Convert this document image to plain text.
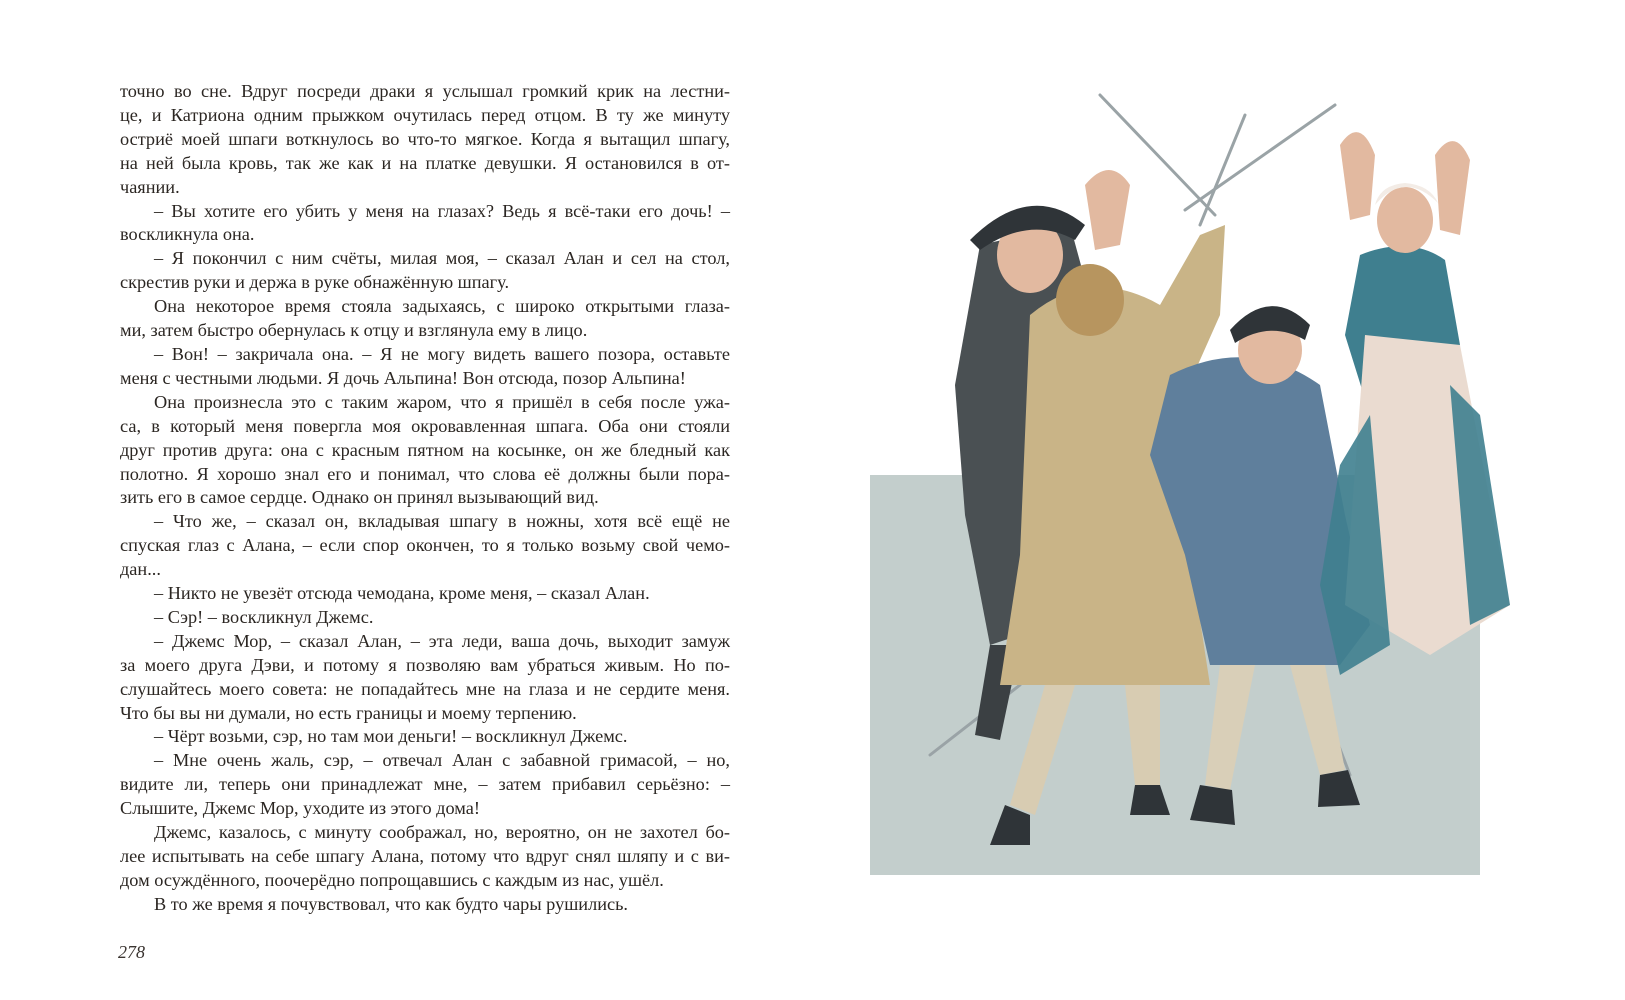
точно во сне. Вдруг посреди драки я услышал громкий крик на лестни-
це, и Катриона одним прыжком очутилась перед отцом. В ту же минуту
остриё моей шпаги воткнулось во что-то мягкое. Когда я вытащил шпагу,
на ней была кровь, так же как и на платке девушки. Я остановился в от-
чаянии.
– Вы хотите его убить у меня на глазах? Ведь я всё-таки его дочь! –
воскликнула она.
– Я покончил с ним счёты, милая моя, – сказал Алан и сел на стол,
скрестив руки и держа в руке обнажённую шпагу.
Она некоторое время стояла задыхаясь, с широко открытыми глаза-
ми, затем быстро обернулась к отцу и взглянула ему в лицо.
– Вон! – закричала она. – Я не могу видеть вашего позора, оставьте
меня с честными людьми. Я дочь Альпина! Вон отсюда, позор Альпина!
Она произнесла это с таким жаром, что я пришёл в себя после ужа-
са, в который меня повергла моя окровавленная шпага. Оба они стояли
друг против друга: она с красным пятном на косынке, он же бледный как
полотно. Я хорошо знал его и понимал, что слова её должны были пора-
зить его в самое сердце. Однако он принял вызывающий вид.
– Что же, – сказал он, вкладывая шпагу в ножны, хотя всё ещё не
спуская глаз с Алана, – если спор окончен, то я только возьму свой чемо-
дан...
– Никто не увезёт отсюда чемодана, кроме меня, – сказал Алан.
– Сэр! – воскликнул Джемс.
– Джемс Мор, – сказал Алан, – эта леди, ваша дочь, выходит замуж
за моего друга Дэви, и потому я позволяю вам убраться живым. Но по-
слушайтесь моего совета: не попадайтесь мне на глаза и не сердите меня.
Что бы вы ни думали, но есть границы и моему терпению.
– Чёрт возьми, сэр, но там мои деньги! – воскликнул Джемс.
– Мне очень жаль, сэр, – отвечал Алан с забавной гримасой, – но,
видите ли, теперь они принадлежат мне, – затем прибавил серьёзно: –
Слышите, Джемс Мор, уходите из этого дома!
Джемс, казалось, с минуту соображал, но, вероятно, он не захотел бо-
лее испытывать на себе шпагу Алана, потому что вдруг снял шляпу и с ви-
дом осуждённого, поочерёдно попрощавшись с каждым из нас, ушёл.
В то же время я почувствовал, что как будто чары рушились.
278
